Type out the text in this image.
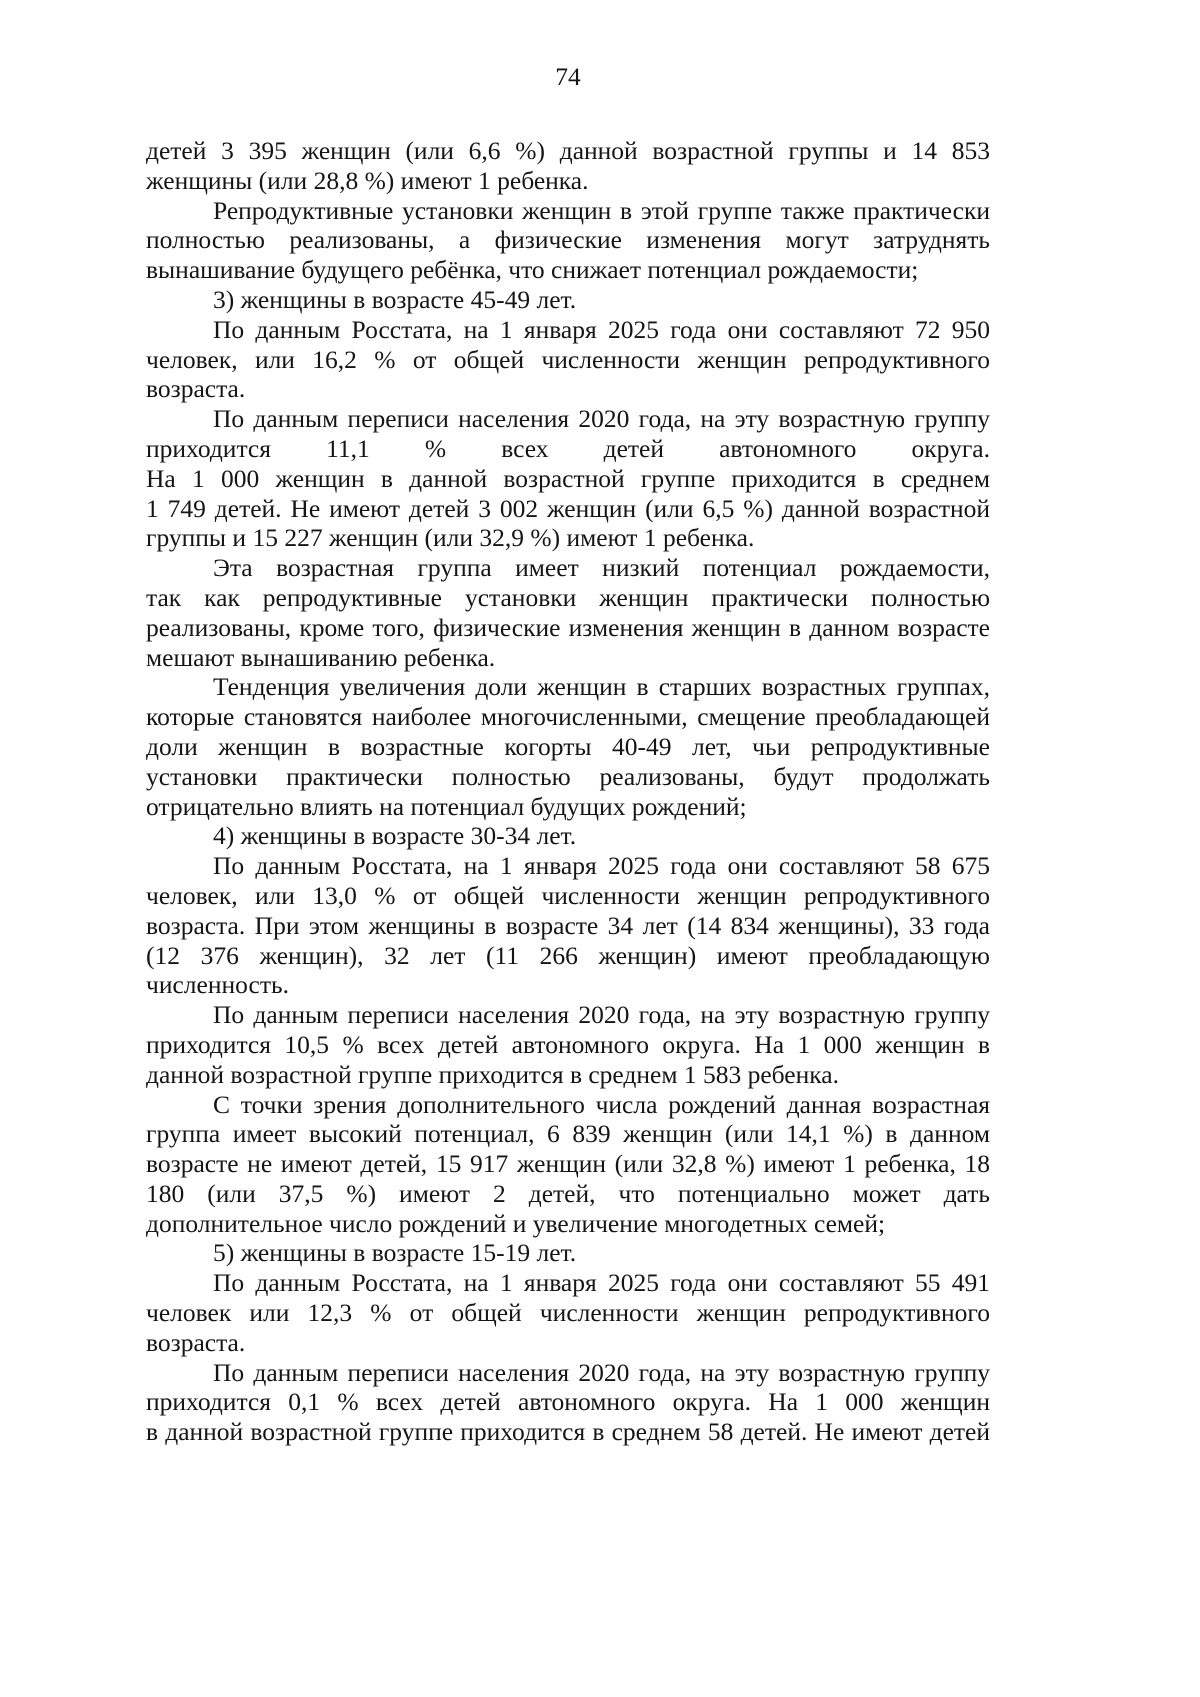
74
детей 3 395 женщин (или 6,6 %) данной возрастной группы и 14 853
женщины (или 28,8 %) имеют 1 ребенка.
Репродуктивные установки женщин в этой группе также практически
полностью реализованы, а физические изменения могут затруднять
вынашивание будущего ребёнка, что снижает потенциал рождаемости;
3) женщины в возрасте 45-49 лет.
По данным Росстата, на 1 января 2025 года они составляют 72 950
человек, или 16,2 % от общей численности женщин репродуктивного
возраста.
По данным переписи населения 2020 года, на эту возрастную группу
приходится 11,1 % всех детей автономного округа.
На 1 000 женщин в данной возрастной группе приходится в среднем
1 749 детей. Не имеют детей 3 002 женщин (или 6,5 %) данной возрастной
группы и 15 227 женщин (или 32,9 %) имеют 1 ребенка.
Эта возрастная группа имеет низкий потенциал рождаемости,
так как репродуктивные установки женщин практически полностью
реализованы, кроме того, физические изменения женщин в данном возрасте
мешают вынашиванию ребенка.
Тенденция увеличения доли женщин в старших возрастных группах,
которые становятся наиболее многочисленными, смещение преобладающей
доли женщин в возрастные когорты 40-49 лет, чьи репродуктивные
установки практически полностью реализованы, будут продолжать
отрицательно влиять на потенциал будущих рождений;
4) женщины в возрасте 30-34 лет.
По данным Росстата, на 1 января 2025 года они составляют 58 675
человек, или 13,0 % от общей численности женщин репродуктивного
возраста. При этом женщины в возрасте 34 лет (14 834 женщины), 33 года
(12 376 женщин), 32 лет (11 266 женщин) имеют преобладающую
численность.
По данным переписи населения 2020 года, на эту возрастную группу
приходится 10,5 % всех детей автономного округа. На 1 000 женщин в
данной возрастной группе приходится в среднем 1 583 ребенка.
С точки зрения дополнительного числа рождений данная возрастная
группа имеет высокий потенциал, 6 839 женщин (или 14,1 %) в данном
возрасте не имеют детей, 15 917 женщин (или 32,8 %) имеют 1 ребенка, 18
180 (или 37,5 %) имеют 2 детей, что потенциально может дать
дополнительное число рождений и увеличение многодетных семей;
5) женщины в возрасте 15-19 лет.
По данным Росстата, на 1 января 2025 года они составляют 55 491
человек или 12,3 % от общей численности женщин репродуктивного
возраста.
По данным переписи населения 2020 года, на эту возрастную группу
приходится 0,1 % всех детей автономного округа. На 1 000 женщин
в данной возрастной группе приходится в среднем 58 детей. Не имеют детей
